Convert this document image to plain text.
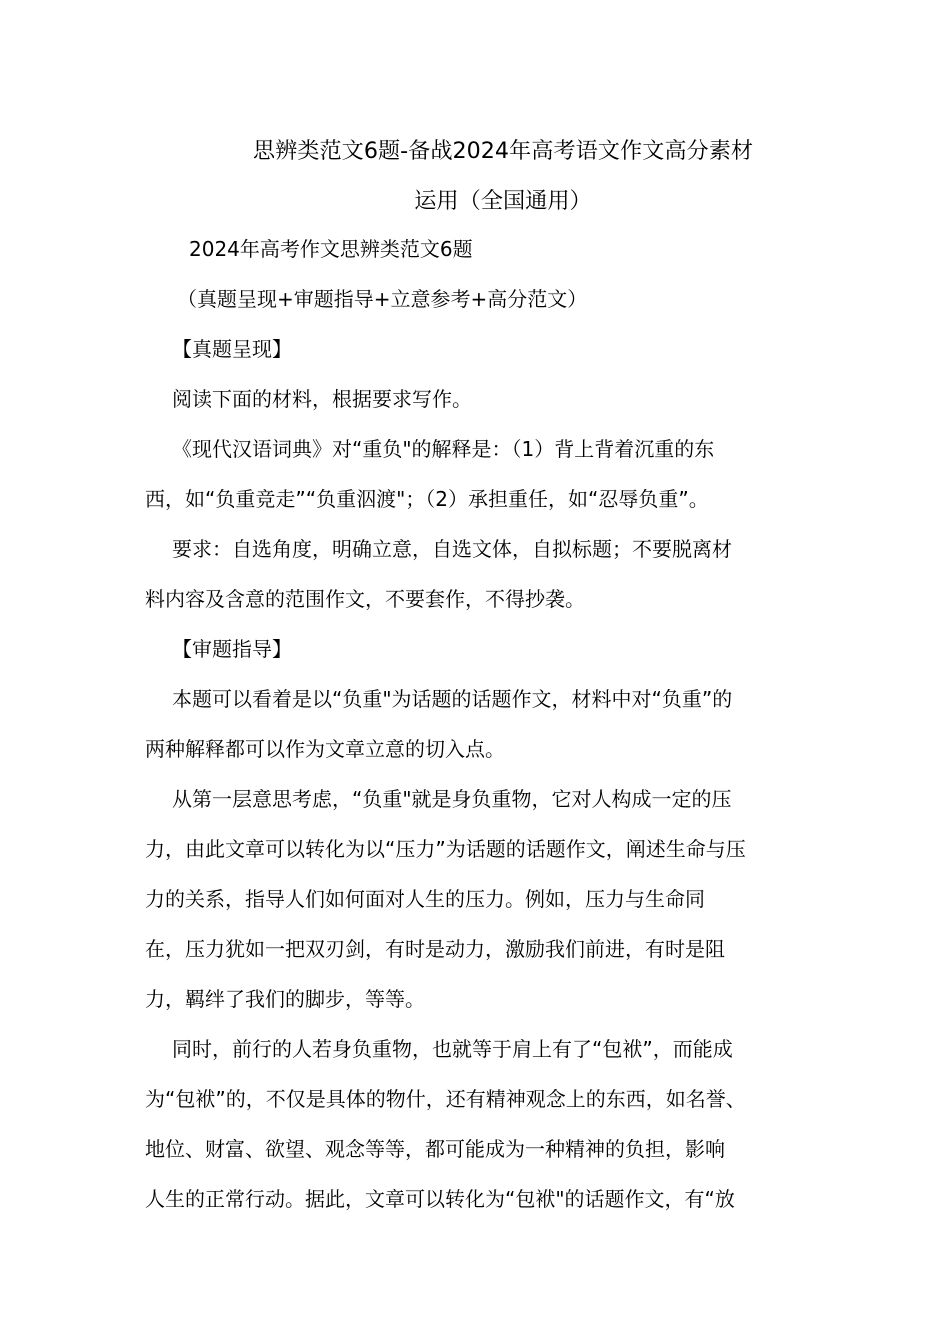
思辨类范文6题-备战2024年高考语文作文高分素材
运用（全国通用）
2024年高考作文思辨类范文6题
（真题呈现+审题指导+立意参考+高分范文）
【真题呈现】
阅读下面的材料，根据要求写作。
《现代汉语词典》对“重负"的解释是：（1）背上背着沉重的东
西，如“负重竞走”“负重泅渡"；（2）承担重任，如“忍辱负重”。
要求：自选角度，明确立意，自选文体，自拟标题；不要脱离材
料内容及含意的范围作文，不要套作，不得抄袭。
【审题指导】
本题可以看着是以“负重"为话题的话题作文，材料中对“负重”的
两种解释都可以作为文章立意的切入点。
从第一层意思考虑，“负重"就是身负重物，它对人构成一定的压
力，由此文章可以转化为以“压力”为话题的话题作文，阐述生命与压
力的关系，指导人们如何面对人生的压力。例如，压力与生命同
在，压力犹如一把双刃剑，有时是动力，激励我们前进，有时是阻
力，羁绊了我们的脚步，等等。
同时，前行的人若身负重物，也就等于肩上有了“包袱”，而能成
为“包袱”的，不仅是具体的物什，还有精神观念上的东西，如名誉、
地位、财富、欲望、观念等等，都可能成为一种精神的负担，影响
人生的正常行动。据此，文章可以转化为“包袱"的话题作文，有“放
